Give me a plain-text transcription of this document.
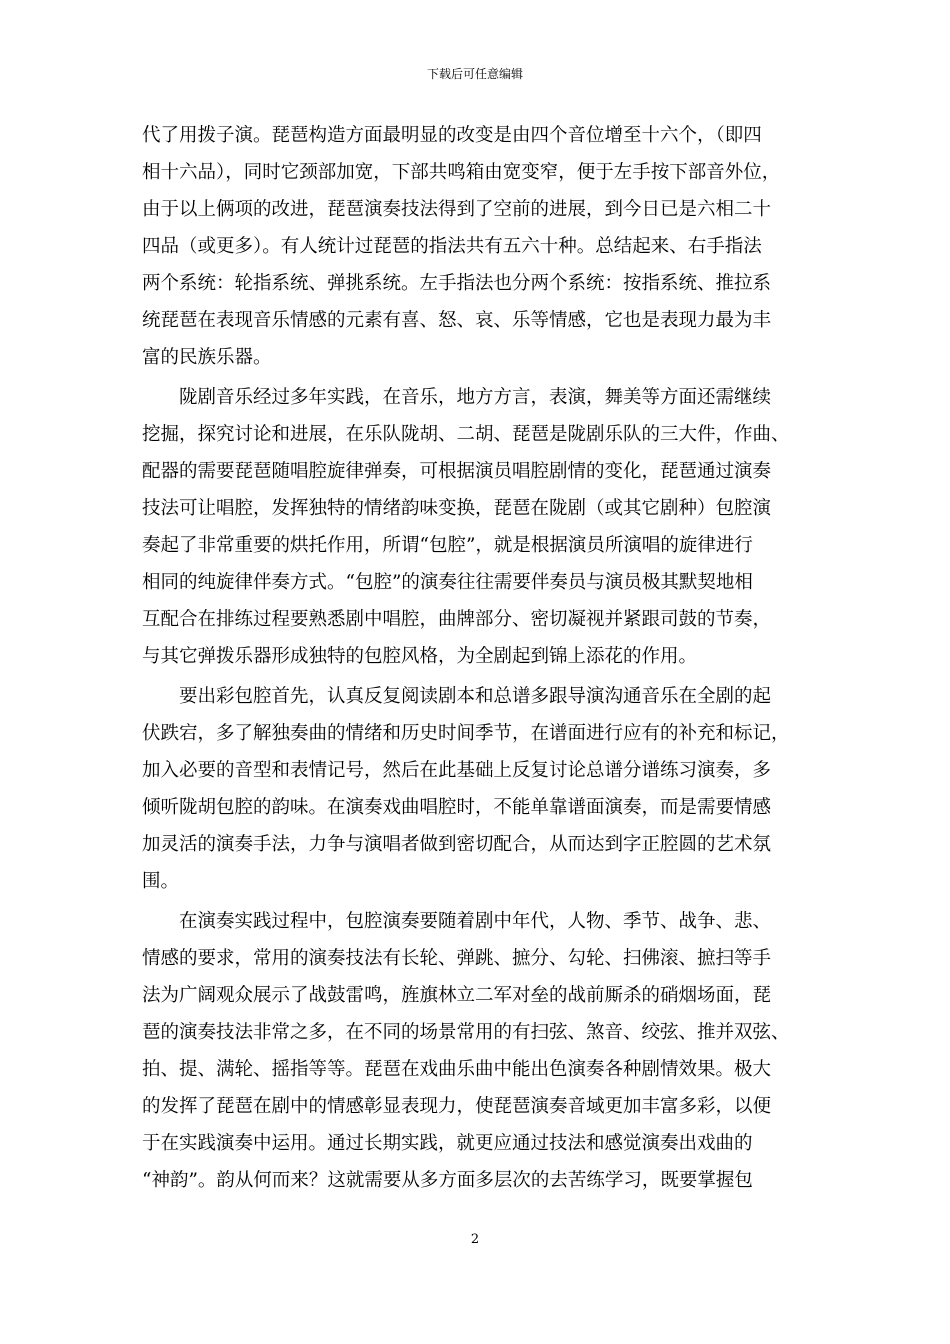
下载后可任意编辑
代了用拨子演。琵琶构造方面最明显的改变是由四个音位增至十六个，（即四
相十六品），同时它颈部加宽，下部共鸣箱由宽变窄，便于左手按下部音外位，
由于以上俩项的改进，琵琶演奏技法得到了空前的进展，到今日已是六相二十
四品（或更多）。有人统计过琵琶的指法共有五六十种。总结起来、右手指法
两个系统：轮指系统、弹挑系统。左手指法也分两个系统：按指系统、推拉系
统琵琶在表现音乐情感的元素有喜、怒、哀、乐等情感，它也是表现力最为丰
富的民族乐器。
　　陇剧音乐经过多年实践，在音乐，地方方言，表演，舞美等方面还需继续
挖掘，探究讨论和进展，在乐队陇胡、二胡、琵琶是陇剧乐队的三大件，作曲、
配器的需要琵琶随唱腔旋律弹奏，可根据演员唱腔剧情的变化，琵琶通过演奏
技法可让唱腔，发挥独特的情绪韵味变换，琵琶在陇剧（或其它剧种）包腔演
奏起了非常重要的烘托作用，所谓“包腔”，就是根据演员所演唱的旋律进行
相同的纯旋律伴奏方式。“包腔”的演奏往往需要伴奏员与演员极其默契地相
互配合在排练过程要熟悉剧中唱腔，曲牌部分、密切凝视并紧跟司鼓的节奏，
与其它弹拨乐器形成独特的包腔风格，为全剧起到锦上添花的作用。
　　要出彩包腔首先，认真反复阅读剧本和总谱多跟导演沟通音乐在全剧的起
伏跌宕，多了解独奏曲的情绪和历史时间季节，在谱面进行应有的补充和标记，
加入必要的音型和表情记号，然后在此基础上反复讨论总谱分谱练习演奏，多
倾听陇胡包腔的韵味。在演奏戏曲唱腔时，不能单靠谱面演奏，而是需要情感
加灵活的演奏手法，力争与演唱者做到密切配合，从而达到字正腔圆的艺术氛
围。
　　在演奏实践过程中，包腔演奏要随着剧中年代，人物、季节、战争、悲、
情感的要求，常用的演奏技法有长轮、弹跳、摭分、勾轮、扫佛滚、摭扫等手
法为广阔观众展示了战鼓雷鸣，旌旗林立二军对垒的战前厮杀的硝烟场面，琵
琶的演奏技法非常之多，在不同的场景常用的有扫弦、煞音、绞弦、推并双弦、
拍、提、满轮、摇指等等。琵琶在戏曲乐曲中能出色演奏各种剧情效果。极大
的发挥了琵琶在剧中的情感彰显表现力，使琵琶演奏音域更加丰富多彩，以便
于在实践演奏中运用。通过长期实践，就更应通过技法和感觉演奏出戏曲的
“神韵”。韵从何而来？这就需要从多方面多层次的去苦练学习，既要掌握包
2
